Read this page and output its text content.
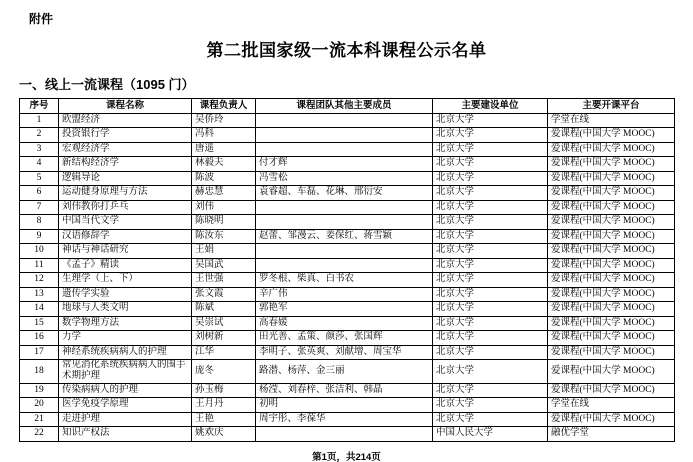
附件
第二批国家级一流本科课程公示名单
一、线上一流课程（1095 门）
序号	课程名称	课程负责人	课程团队其他主要成员	主要建设单位	主要开课平台
1	欧盟经济	吴侨玲		北京大学	学堂在线
2	投资银行学	冯科		北京大学	爱课程(中国大学 MOOC)
3	宏观经济学	唐遥		北京大学	爱课程(中国大学 MOOC)
4	新结构经济学	林毅夫	付才辉	北京大学	爱课程(中国大学 MOOC)
5	逻辑导论	陈波	冯雪松	北京大学	爱课程(中国大学 MOOC)
6	运动健身原理与方法	赫忠慧	袁睿超、车磊、花琳、邢衍安	北京大学	爱课程(中国大学 MOOC)
7	刘伟教你打乒乓	刘伟		北京大学	爱课程(中国大学 MOOC)
8	中国当代文学	陈晓明		北京大学	爱课程(中国大学 MOOC)
9	汉语修辞学	陈汝东	赵蕾、邹漫云、姜保红、蒋雪颖	北京大学	爱课程(中国大学 MOOC)
10	神话与神话研究	王娟		北京大学	爱课程(中国大学 MOOC)
11	《孟子》精读	吴国武		北京大学	爱课程(中国大学 MOOC)
12	生理学（上、下）	王世强	罗冬根、柴真、白书农	北京大学	爱课程(中国大学 MOOC)
13	遗传学实验	张文霞	辛广伟	北京大学	爱课程(中国大学 MOOC)
14	地球与人类文明	陈斌	郭艳军	北京大学	爱课程(中国大学 MOOC)
15	数学物理方法	吴崇试	高春媛	北京大学	爱课程(中国大学 MOOC)
16	力学	刘树新	田光善、孟策、颜莎、张国辉	北京大学	爱课程(中国大学 MOOC)
17	神经系统疾病病人的护理	江华	李明子、张英爽、刘献增、周宝华	北京大学	爱课程(中国大学 MOOC)
18	常见消化系统疾病病人的围手术期护理	庞冬	路潜、杨萍、金三丽	北京大学	爱课程(中国大学 MOOC)
19	传染病病人的护理	孙玉梅	杨滢、刘春梓、张洁利、韩晶	北京大学	爱课程(中国大学 MOOC)
20	医学免疫学原理	王月丹	初明	北京大学	学堂在线
21	走进护理	王艳	周宇彤、李葆华	北京大学	爱课程(中国大学 MOOC)
22	知识产权法	姚欢庆		中国人民大学	融优学堂
第1页，共214页
